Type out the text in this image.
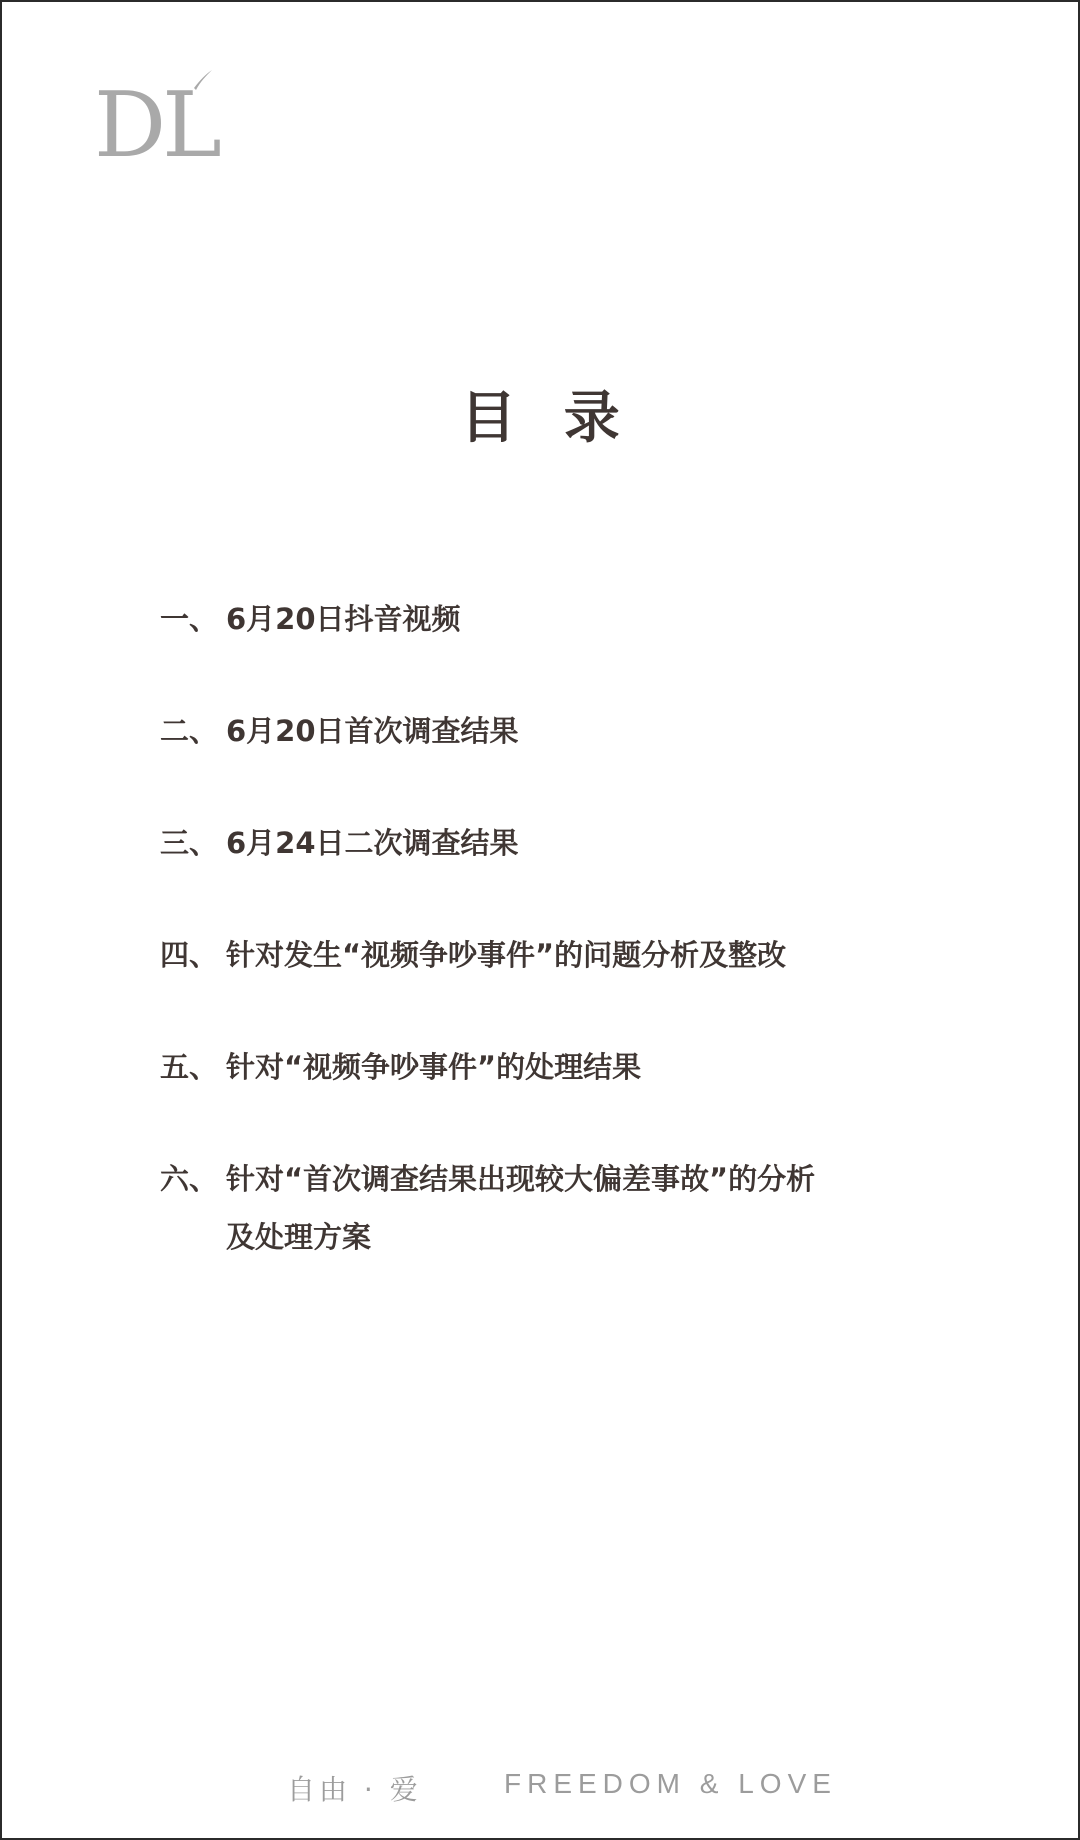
DL
目 录
一、 6月20日抖音视频
二、 6月20日首次调查结果
三、 6月24日二次调查结果
四、 针对发生“视频争吵事件”的问题分析及整改
五、 针对“视频争吵事件”的处理结果
六、 针对“首次调查结果出现较大偏差事故”的分析
及处理方案
自由 · 爱	FREEDOM & LOVE
